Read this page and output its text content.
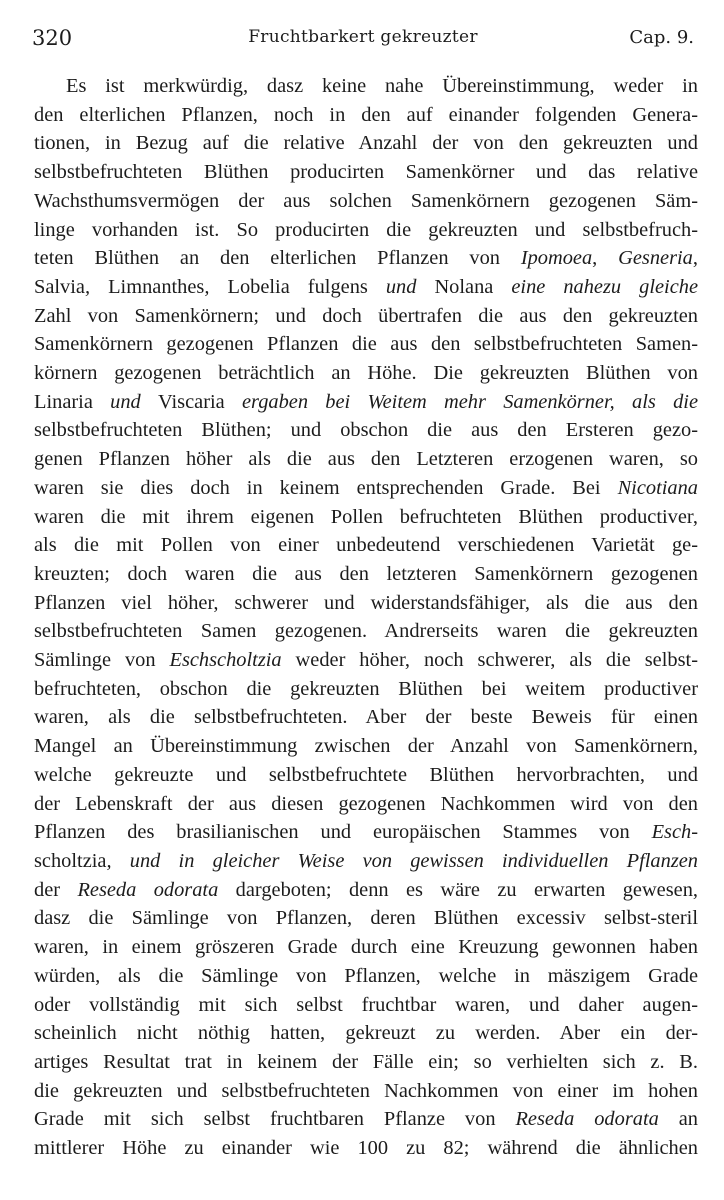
320	Fruchtbarkert gekreuzter	Cap. 9.
Es ist merkwürdig, dasz keine nahe Übereinstimmung, weder in
den elterlichen Pflanzen, noch in den auf einander folgenden Genera-
tionen, in Bezug auf die relative Anzahl der von den gekreuzten und
selbstbefruchteten Blüthen producirten Samenkörner und das relative
Wachsthumsvermögen der aus solchen Samenkörnern gezogenen Säm-
linge vorhanden ist. So producirten die gekreuzten und selbstbefruch-
teten Blüthen an den elterlichen Pflanzen von Ipomoea, Gesneria,
Salvia, Limnanthes, Lobelia fulgens und Nolana eine nahezu gleiche
Zahl von Samenkörnern; und doch übertrafen die aus den gekreuzten
Samenkörnern gezogenen Pflanzen die aus den selbstbefruchteten Samen-
körnern gezogenen beträchtlich an Höhe. Die gekreuzten Blüthen von
Linaria und Viscaria ergaben bei Weitem mehr Samenkörner, als die
selbstbefruchteten Blüthen; und obschon die aus den Ersteren gezo-
genen Pflanzen höher als die aus den Letzteren erzogenen waren, so
waren sie dies doch in keinem entsprechenden Grade. Bei Nicotiana
waren die mit ihrem eigenen Pollen befruchteten Blüthen productiver,
als die mit Pollen von einer unbedeutend verschiedenen Varietät ge-
kreuzten; doch waren die aus den letzteren Samenkörnern gezogenen
Pflanzen viel höher, schwerer und widerstandsfähiger, als die aus den
selbstbefruchteten Samen gezogenen. Andrerseits waren die gekreuzten
Sämlinge von Eschscholtzia weder höher, noch schwerer, als die selbst-
befruchteten, obschon die gekreuzten Blüthen bei weitem productiver
waren, als die selbstbefruchteten. Aber der beste Beweis für einen
Mangel an Übereinstimmung zwischen der Anzahl von Samenkörnern,
welche gekreuzte und selbstbefruchtete Blüthen hervorbrachten, und
der Lebenskraft der aus diesen gezogenen Nachkommen wird von den
Pflanzen des brasilianischen und europäischen Stammes von Esch-
scholtzia, und in gleicher Weise von gewissen individuellen Pflanzen
der Reseda odorata dargeboten; denn es wäre zu erwarten gewesen,
dasz die Sämlinge von Pflanzen, deren Blüthen excessiv selbst-steril
waren, in einem gröszeren Grade durch eine Kreuzung gewonnen haben
würden, als die Sämlinge von Pflanzen, welche in mäszigem Grade
oder vollständig mit sich selbst fruchtbar waren, und daher augen-
scheinlich nicht nöthig hatten, gekreuzt zu werden. Aber ein der-
artiges Resultat trat in keinem der Fälle ein; so verhielten sich z. B.
die gekreuzten und selbstbefruchteten Nachkommen von einer im hohen
Grade mit sich selbst fruchtbaren Pflanze von Reseda odorata an
mittlerer Höhe zu einander wie 100 zu 82; während die ähnlichen
